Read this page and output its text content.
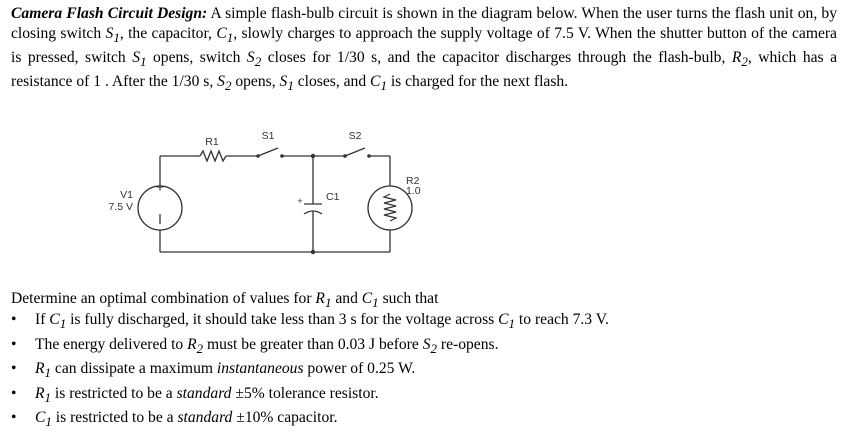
Camera Flash Circuit Design: A simple flash-bulb circuit is shown in the diagram below. When the user turns the flash unit on, by closing switch $S_1$, the capacitor, $C_1$, slowly charges to approach the supply voltage of 7.5 V. When the shutter button of the camera is pressed, switch $S_1$ opens, switch $S_2$ closes for 1/30 s, and the capacitor discharges through the flash-bulb, $R_2$, which has a resistance of 1 . After the 1/30 s, $S_2$ opens, $S_1$ closes, and $C_1$ is charged for the next flash.

+
R1	S1	S2
V1
7.5 V
C1
+
R2
1.0

Determine an optimal combination of values for $R_1$ and $C_1$ such that

• If $C_1$ is fully discharged, it should take less than 3 s for the voltage across $C_1$ to reach 7.3 V.
• The energy delivered to $R_2$ must be greater than 0.03 J before $S_2$ re-opens.
• $R_1$ can dissipate a maximum instantaneous power of 0.25 W.
• $R_1$ is restricted to be a standard ±5% tolerance resistor.
• $C_1$ is restricted to be a standard ±10% capacitor.
